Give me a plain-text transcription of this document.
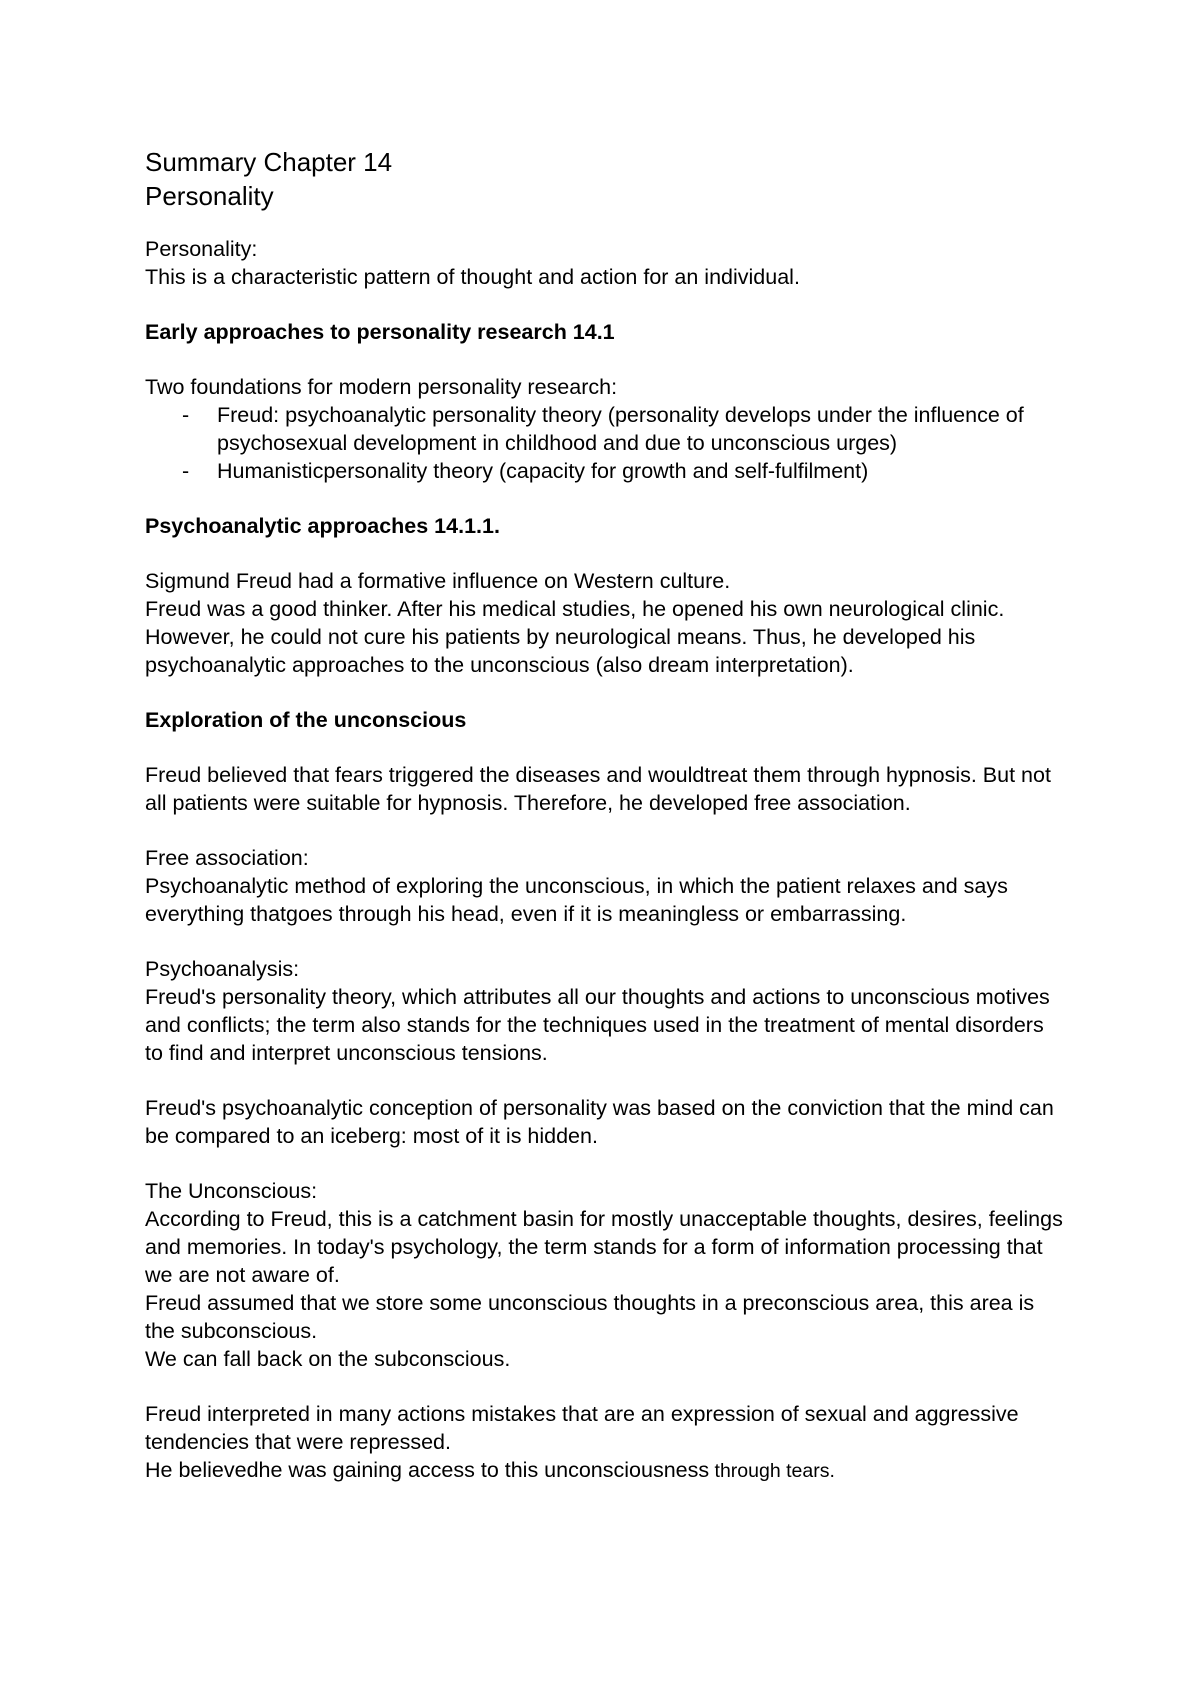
Summary Chapter 14
Personality

Personality:

This is a characteristic pattern of thought and action for an individual.

Early approaches to personality research 14.1

Two foundations for modern personality research:

- Freud: psychoanalytic personality theory (personality develops under the influence of psychosexual development in childhood and due to unconscious urges)
- Humanisticpersonality theory (capacity for growth and self-fulfilment)

Psychoanalytic approaches 14.1.1.

Sigmund Freud had a formative influence on Western culture.

Freud was a good thinker. After his medical studies, he opened his own neurological clinic. However, he could not cure his patients by neurological means. Thus, he developed his psychoanalytic approaches to the unconscious (also dream interpretation).

Exploration of the unconscious

Freud believed that fears triggered the diseases and wouldtreat them through hypnosis. But not all patients were suitable for hypnosis. Therefore, he developed free association.

Free association:

Psychoanalytic method of exploring the unconscious, in which the patient relaxes and says everything thatgoes through his head, even if it is meaningless or embarrassing.

Psychoanalysis:

Freud's personality theory, which attributes all our thoughts and actions to unconscious motives and conflicts; the term also stands for the techniques used in the treatment of mental disorders to find and interpret unconscious tensions.

Freud's psychoanalytic conception of personality was based on the conviction that the mind can be compared to an iceberg: most of it is hidden.

The Unconscious:

According to Freud, this is a catchment basin for mostly unacceptable thoughts, desires, feelings and memories. In today's psychology, the term stands for a form of information processing that we are not aware of.

Freud assumed that we store some unconscious thoughts in a preconscious area, this area is the subconscious.

We can fall back on the subconscious.

Freud interpreted in many actions mistakes that are an expression of sexual and aggressive tendencies that were repressed.

He believedhe was gaining access to this unconsciousness through tears.
